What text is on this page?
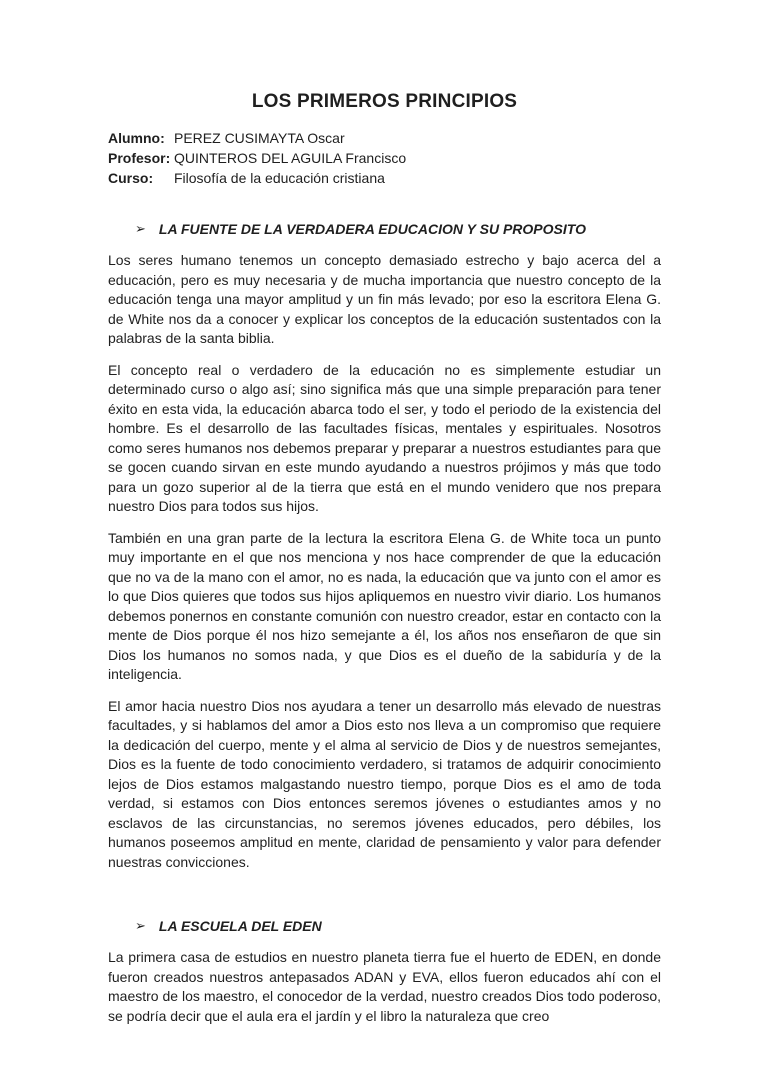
LOS PRIMEROS PRINCIPIOS
Alumno: PEREZ CUSIMAYTA Oscar
Profesor: QUINTEROS DEL AGUILA Francisco
Curso:	Filosofía de la educación cristiana
➢ LA FUENTE DE LA VERDADERA EDUCACION Y SU PROPOSITO

Los seres humano tenemos un concepto demasiado estrecho y bajo acerca del a educación, pero es muy necesaria y de mucha importancia que nuestro concepto de la educación tenga una mayor amplitud y un fin más levado; por eso la escritora Elena G. de White nos da a conocer y explicar los conceptos de la educación sustentados con la palabras de la santa biblia.

El concepto real o verdadero de la educación no es simplemente estudiar un determinado curso o algo así; sino significa más que una simple preparación para tener éxito en esta vida, la educación abarca todo el ser, y todo el periodo de la existencia del hombre. Es el desarrollo de las facultades físicas, mentales y espirituales. Nosotros como seres humanos nos debemos preparar y preparar a nuestros estudiantes para que se gocen cuando sirvan en este mundo ayudando a nuestros prójimos y más que todo para un gozo superior al de la tierra que está en el mundo venidero que nos prepara nuestro Dios para todos sus hijos.

También en una gran parte de la lectura la escritora Elena G. de White toca un punto muy importante en el que nos menciona y nos hace comprender de que la educación que no va de la mano con el amor, no es nada, la educación que va junto con el amor es lo que Dios quieres que todos sus hijos apliquemos en nuestro vivir diario. Los humanos debemos ponernos en constante comunión con nuestro creador, estar en contacto con la mente de Dios porque él nos hizo semejante a él, los años nos enseñaron de que sin Dios los humanos no somos nada, y que Dios es el dueño de la sabiduría y de la inteligencia.

El amor hacia nuestro Dios nos ayudara a tener un desarrollo más elevado de nuestras facultades, y si hablamos del amor a Dios esto nos lleva a un compromiso que requiere la dedicación del cuerpo, mente y el alma al servicio de Dios y de nuestros semejantes, Dios es la fuente de todo conocimiento verdadero, si tratamos de adquirir conocimiento lejos de Dios estamos malgastando nuestro tiempo, porque Dios es el amo de toda verdad, si estamos con Dios entonces seremos jóvenes o estudiantes amos y no esclavos de las circunstancias, no seremos jóvenes educados, pero débiles, los humanos poseemos amplitud en mente, claridad de pensamiento y valor para defender nuestras convicciones.

➢ LA ESCUELA DEL EDEN

La primera casa de estudios en nuestro planeta tierra fue el huerto de EDEN, en donde fueron creados nuestros antepasados ADAN y EVA, ellos fueron educados ahí con el maestro de los maestro, el conocedor de la verdad, nuestro creados Dios todo poderoso, se podría decir que el aula era el jardín y el libro la naturaleza que creo
